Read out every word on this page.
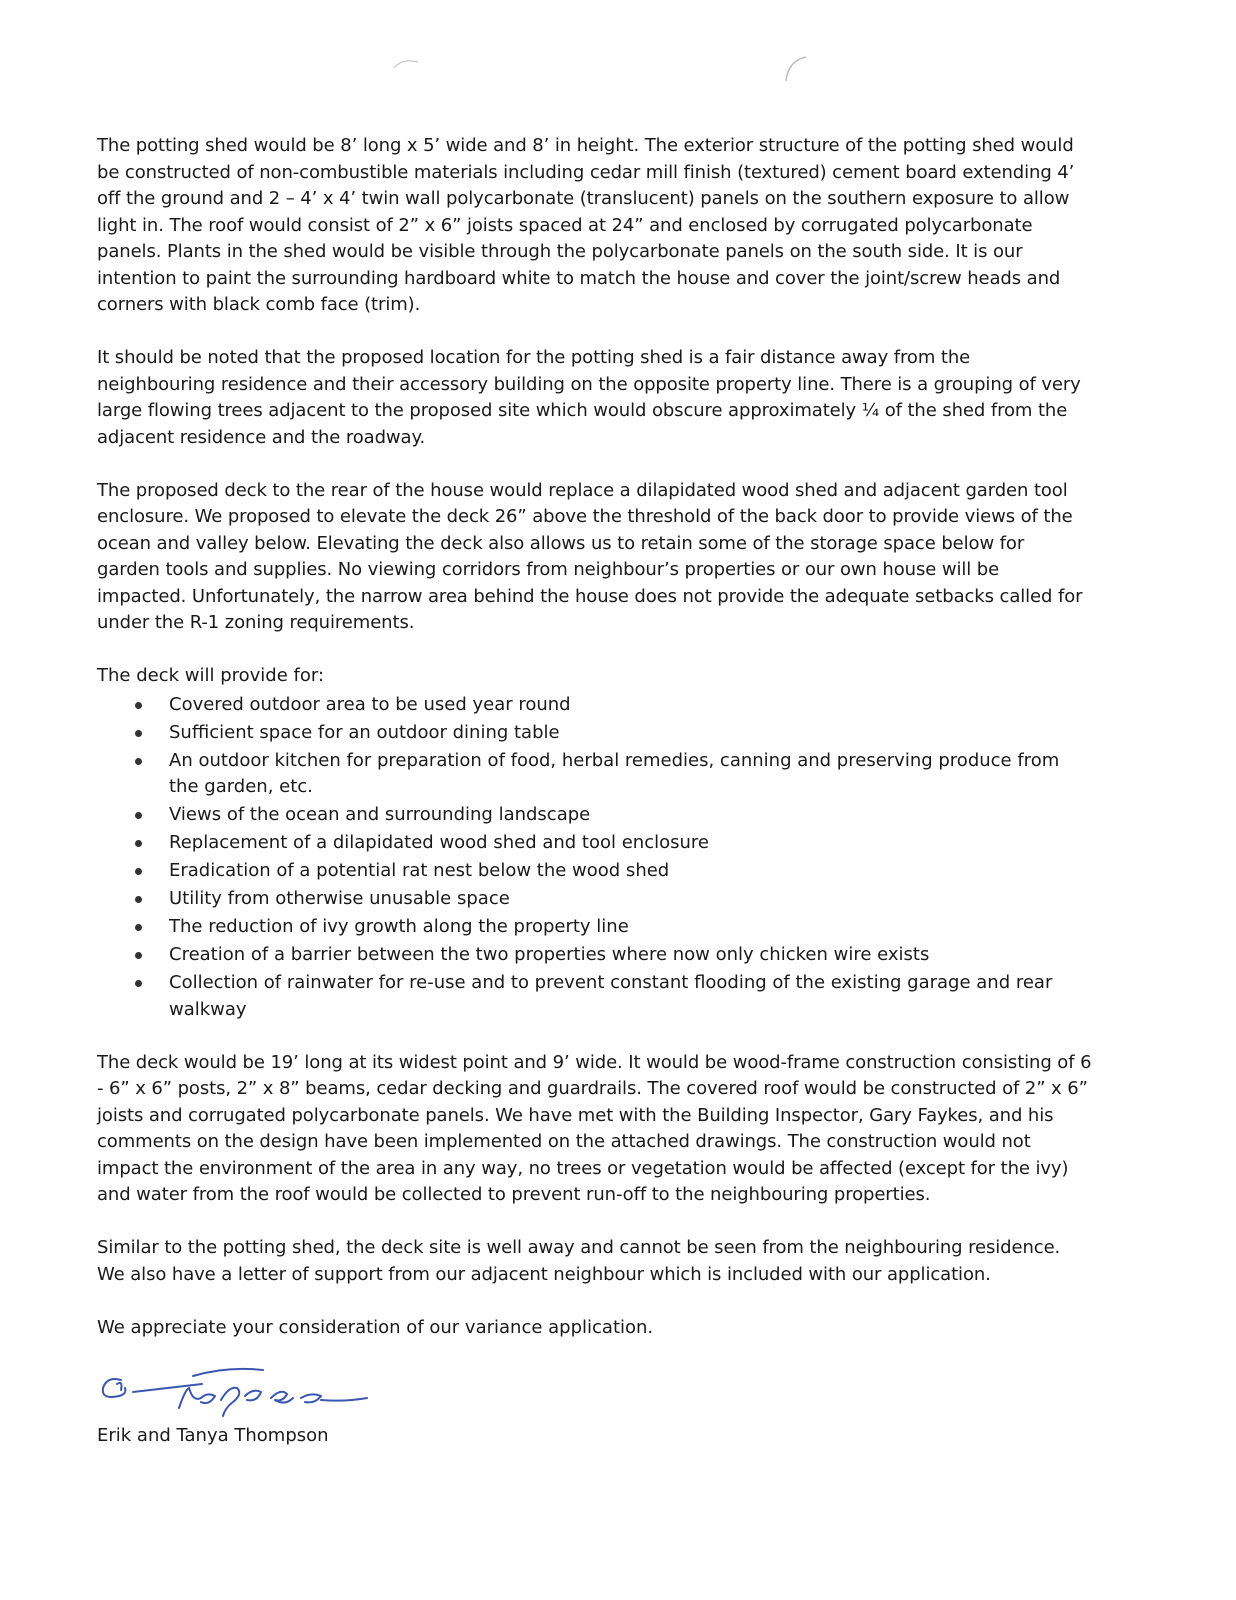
The potting shed would be 8’ long x 5’ wide and 8’ in height. The exterior structure of the potting shed would be constructed of non-combustible materials including cedar mill finish (textured) cement board extending 4’ off the ground and 2 – 4’ x 4’ twin wall polycarbonate (translucent) panels on the southern exposure to allow light in. The roof would consist of 2” x 6” joists spaced at 24” and enclosed by corrugated polycarbonate panels. Plants in the shed would be visible through the polycarbonate panels on the south side. It is our intention to paint the surrounding hardboard white to match the house and cover the joint/screw heads and corners with black comb face (trim).

It should be noted that the proposed location for the potting shed is a fair distance away from the neighbouring residence and their accessory building on the opposite property line. There is a grouping of very large flowing trees adjacent to the proposed site which would obscure approximately ¼ of the shed from the adjacent residence and the roadway.

The proposed deck to the rear of the house would replace a dilapidated wood shed and adjacent garden tool enclosure. We proposed to elevate the deck 26” above the threshold of the back door to provide views of the ocean and valley below. Elevating the deck also allows us to retain some of the storage space below for garden tools and supplies. No viewing corridors from neighbour’s properties or our own house will be impacted. Unfortunately, the narrow area behind the house does not provide the adequate setbacks called for under the R-1 zoning requirements.

The deck will provide for:

Covered outdoor area to be used year round
Sufficient space for an outdoor dining table
An outdoor kitchen for preparation of food, herbal remedies, canning and preserving produce from the garden, etc.
Views of the ocean and surrounding landscape
Replacement of a dilapidated wood shed and tool enclosure
Eradication of a potential rat nest below the wood shed
Utility from otherwise unusable space
The reduction of ivy growth along the property line
Creation of a barrier between the two properties where now only chicken wire exists
Collection of rainwater for re-use and to prevent constant flooding of the existing garage and rear walkway

The deck would be 19’ long at its widest point and 9’ wide. It would be wood-frame construction consisting of 6 - 6” x 6” posts, 2” x 8” beams, cedar decking and guardrails. The covered roof would be constructed of 2” x 6” joists and corrugated polycarbonate panels. We have met with the Building Inspector, Gary Faykes, and his comments on the design have been implemented on the attached drawings. The construction would not impact the environment of the area in any way, no trees or vegetation would be affected (except for the ivy) and water from the roof would be collected to prevent run-off to the neighbouring properties.

Similar to the potting shed, the deck site is well away and cannot be seen from the neighbouring residence. We also have a letter of support from our adjacent neighbour which is included with our application.

We appreciate your consideration of our variance application.

Erik and Tanya Thompson
